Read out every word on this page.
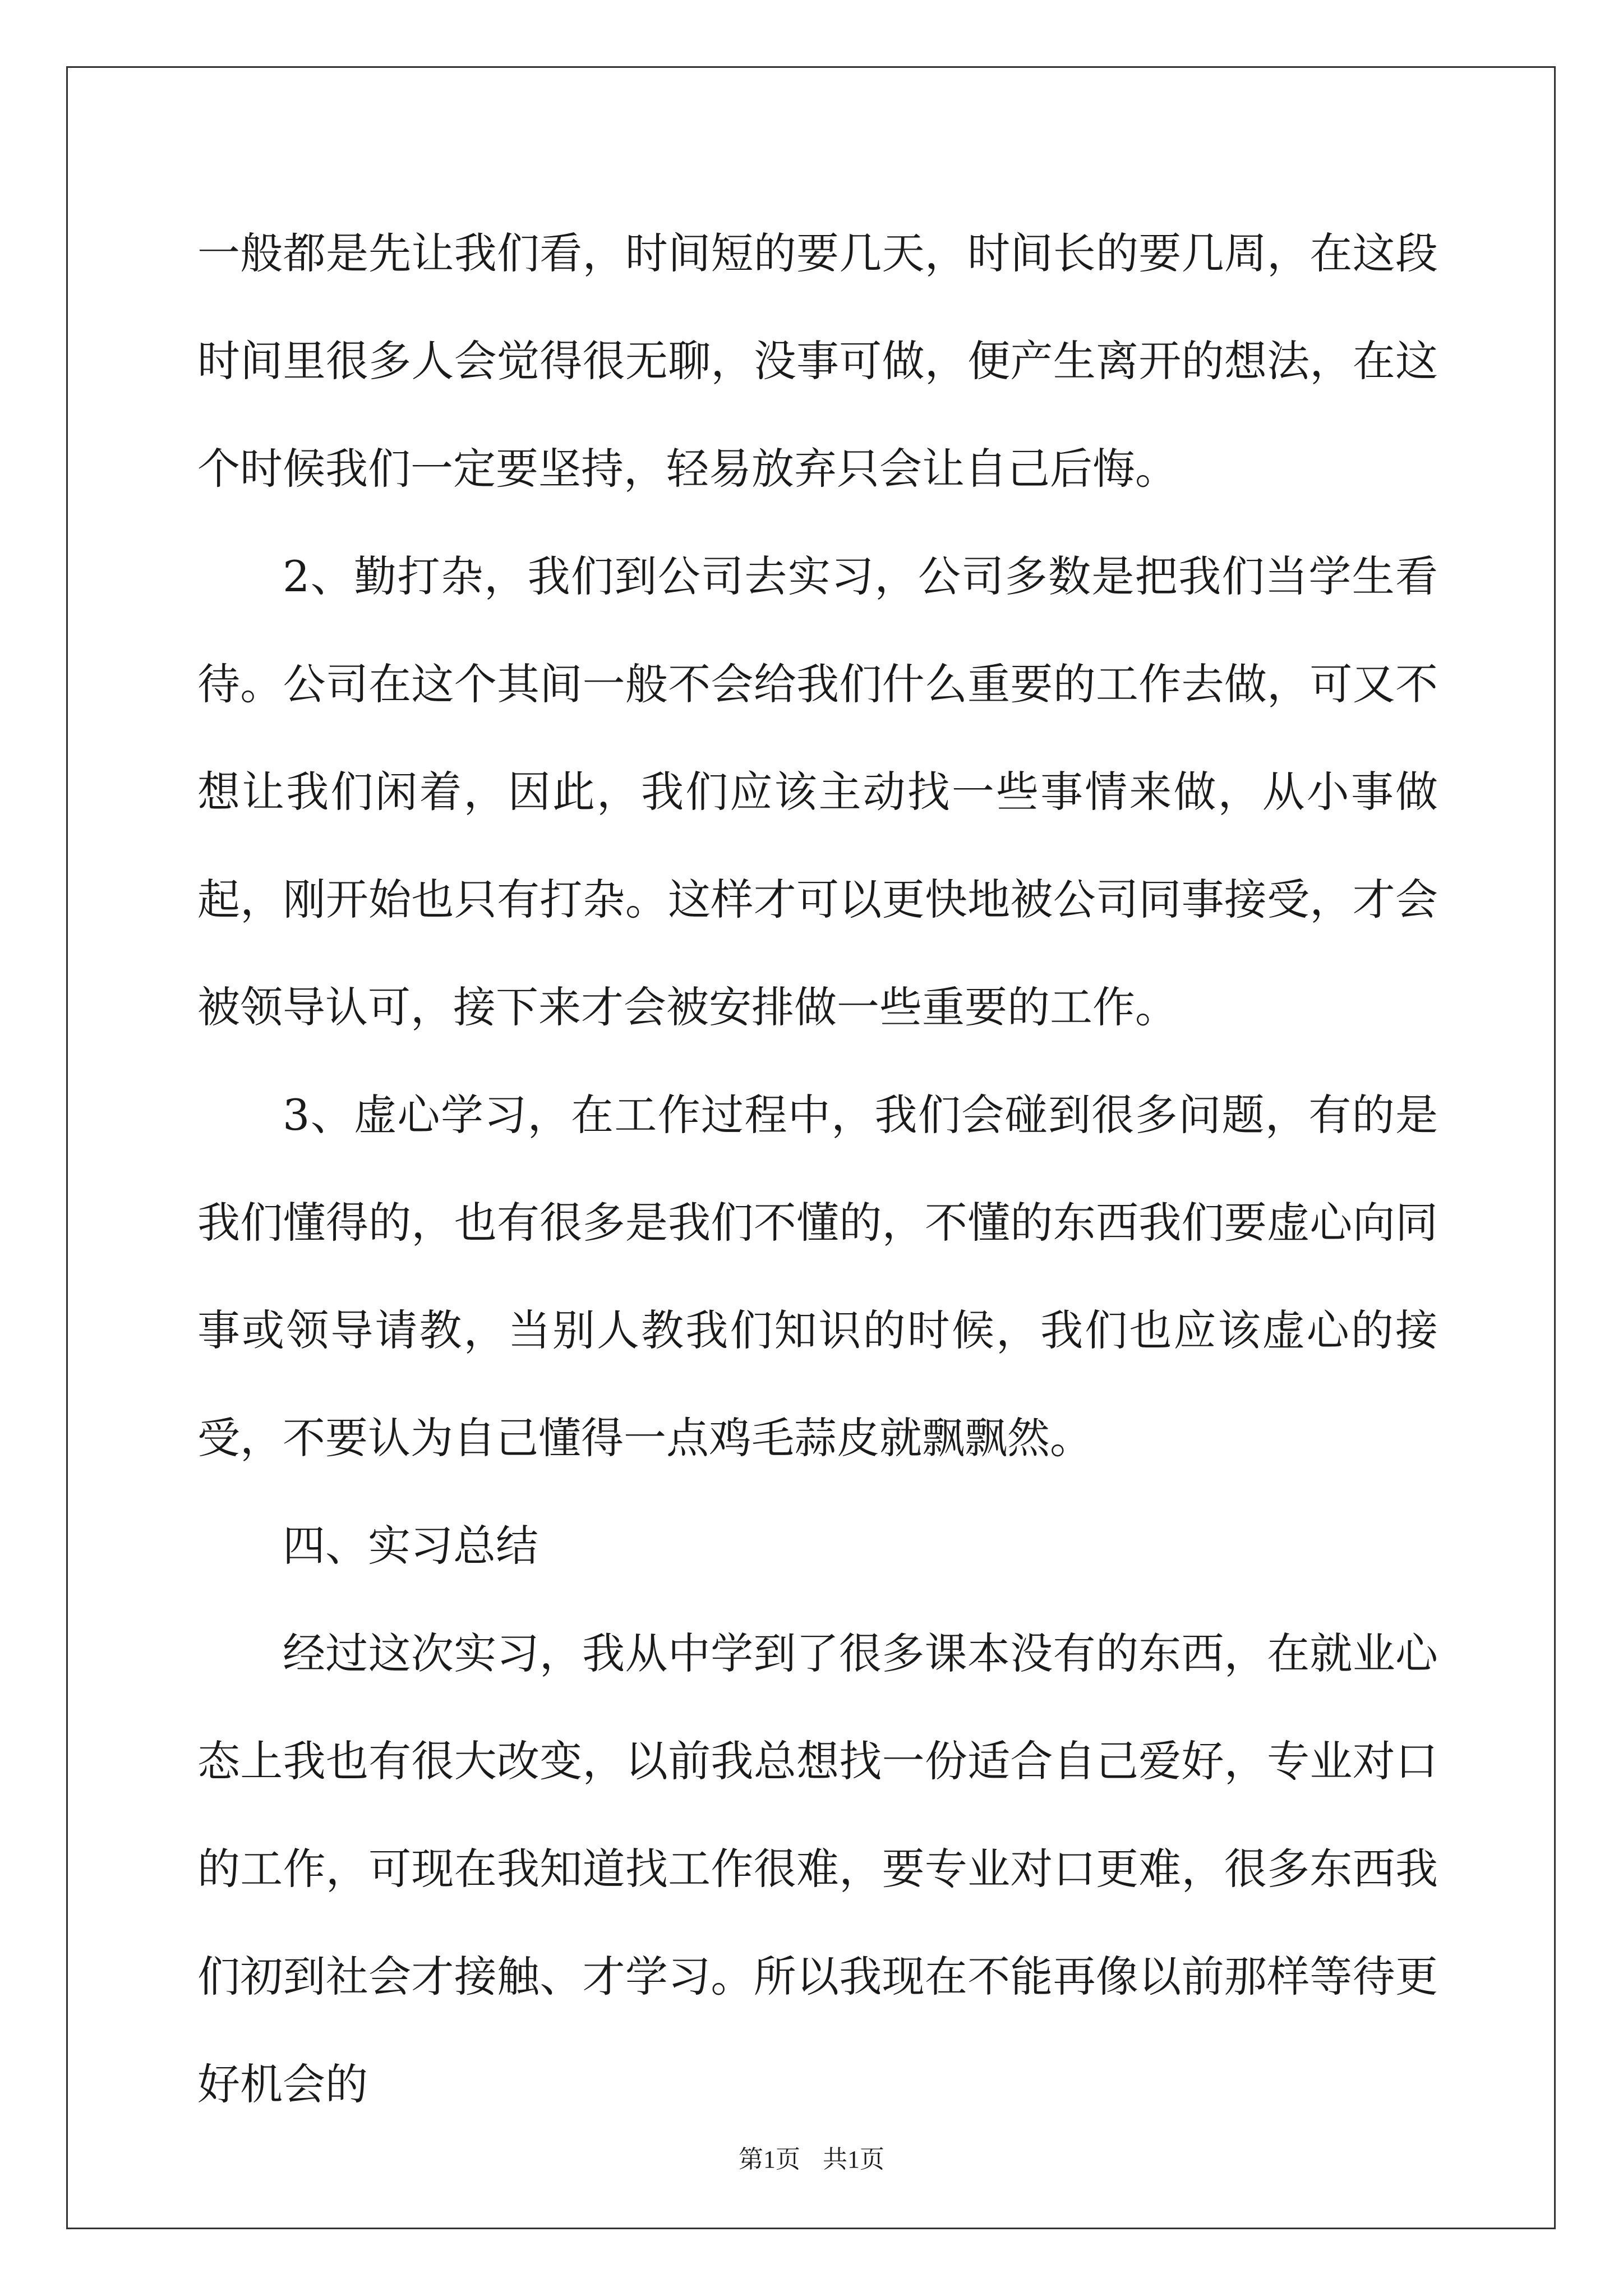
一般都是先让我们看，时间短的要几天，时间长的要几周，在这段时间里很多人会觉得很无聊，没事可做，便产生离开的想法，在这个时候我们一定要坚持，轻易放弃只会让自己后悔。

2、勤打杂，我们到公司去实习，公司多数是把我们当学生看待。公司在这个其间一般不会给我们什么重要的工作去做，可又不想让我们闲着，因此，我们应该主动找一些事情来做，从小事做起，刚开始也只有打杂。这样才可以更快地被公司同事接受，才会被领导认可，接下来才会被安排做一些重要的工作。

3、虚心学习，在工作过程中，我们会碰到很多问题，有的是我们懂得的，也有很多是我们不懂的，不懂的东西我们要虚心向同事或领导请教，当别人教我们知识的时候，我们也应该虚心的接受，不要认为自己懂得一点鸡毛蒜皮就飘飘然。

四、实习总结

经过这次实习，我从中学到了很多课本没有的东西，在就业心态上我也有很大改变，以前我总想找一份适合自己爱好，专业对口的工作，可现在我知道找工作很难，要专业对口更难，很多东西我们初到社会才接触、才学习。所以我现在不能再像以前那样等待更好机会的

第1页 共1页
